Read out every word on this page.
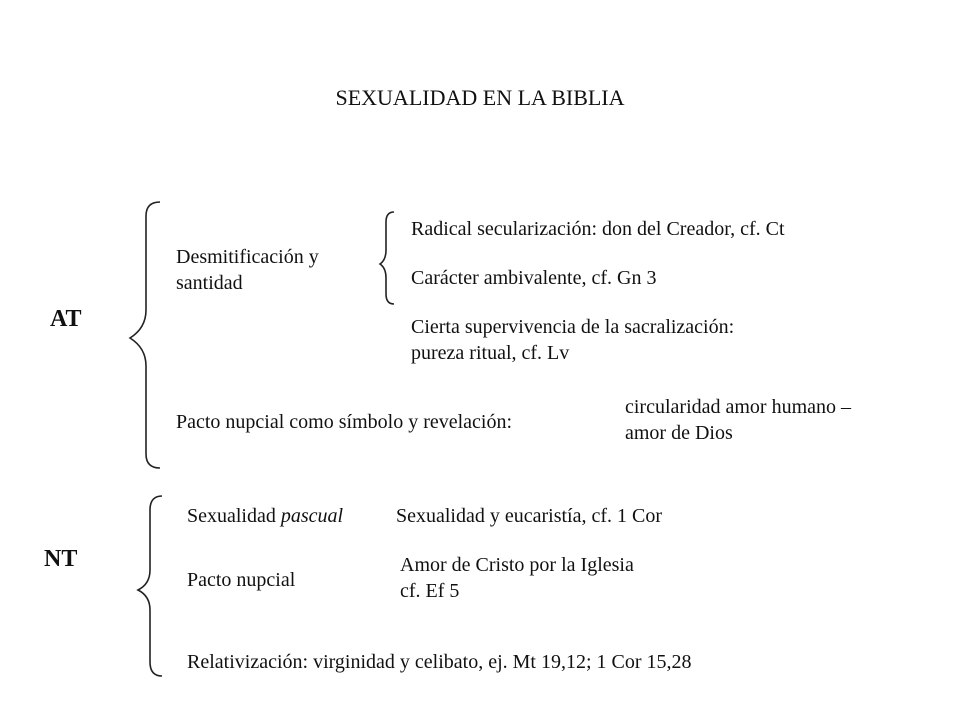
SEXUALIDAD EN LA BIBLIA
AT
Desmitificación y
santidad
Radical secularización: don del Creador, cf. Ct
Carácter ambivalente, cf. Gn 3
Cierta supervivencia de la sacralización:
pureza ritual, cf. Lv
Pacto nupcial como símbolo y revelación:
circularidad amor humano –
amor de Dios
NT
Sexualidad pascual	Sexualidad y eucaristía, cf. 1 Cor
Pacto nupcial
Amor de Cristo por la Iglesia
cf. Ef 5
Relativización: virginidad y celibato, ej. Mt 19,12; 1 Cor 15,28
